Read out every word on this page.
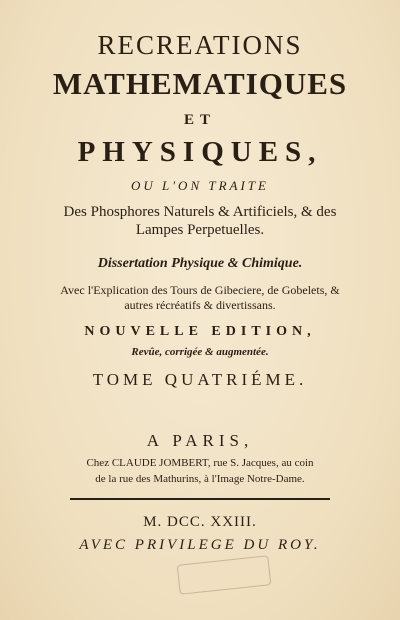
RECREATIONS
MATHEMATIQUES
ET
PHYSIQUES,
OU L'ON TRAITE
Des Phosphores Naturels & Artificiels, & des
Lampes Perpetuelles.
Dissertation Physique & Chimique.
Avec l'Explication des Tours de Gibeciere, de Gobelets, &
autres récréatifs & divertissans.
NOUVELLE EDITION,
Revûe, corrigée & augmentée.
TOME QUATRIÉME.
A PARIS,
Chez CLAUDE JOMBERT, rue S. Jacques, au coin
de la rue des Mathurins, à l'Image Notre-Dame.
M. DCC. XXIII.
AVEC PRIVILEGE DU ROY.
